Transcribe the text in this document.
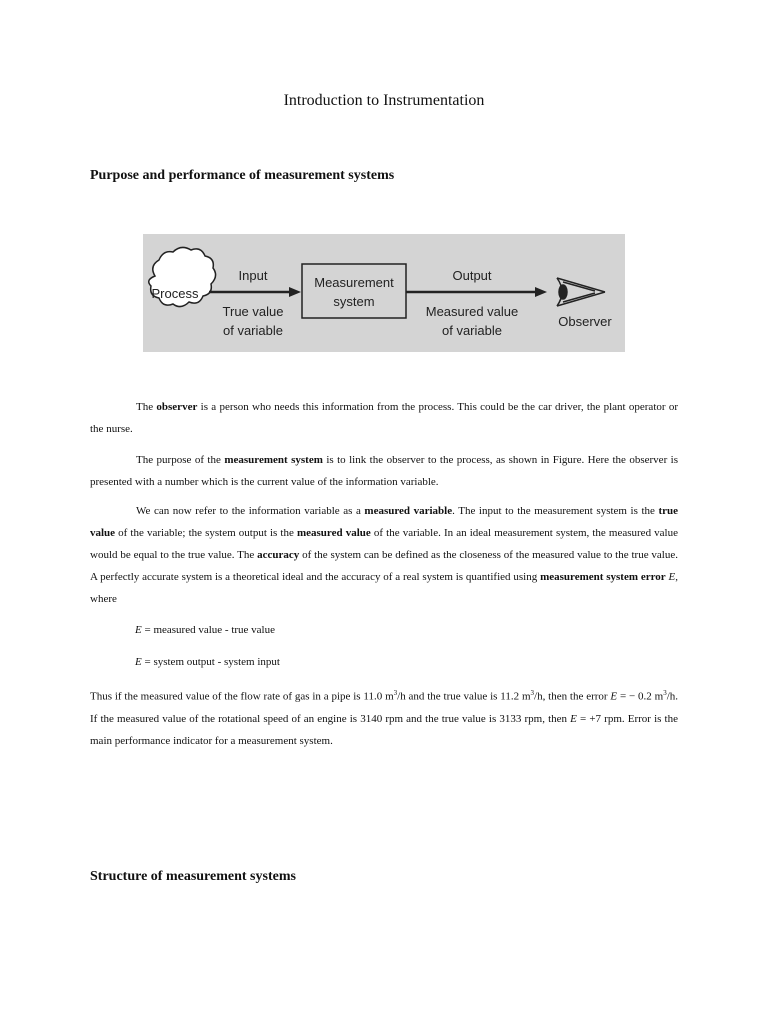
Introduction to Instrumentation
Purpose and performance of measurement systems
Process
Input
True value
of variable
Measurement
system
Output
Measured value
of variable
Observer
The observer is a person who needs this information from the process. This could be the car driver, the plant operator or the nurse.
The purpose of the measurement system is to link the observer to the process, as shown in Figure. Here the observer is presented with a number which is the current value of the information variable.
We can now refer to the information variable as a measured variable. The input to the measurement system is the true value of the variable; the system output is the measured value of the variable. In an ideal measurement system, the measured value would be equal to the true value. The accuracy of the system can be defined as the closeness of the measured value to the true value. A perfectly accurate system is a theoretical ideal and the accuracy of a real system is quantified using measurement system error E, where
E = measured value - true value
E = system output - system input
Thus if the measured value of the flow rate of gas in a pipe is 11.0 $m^3/h$ and the true value is 11.2 $m^3/h$, then the error E = − 0.2 $m^3/h$. If the measured value of the rotational speed of an engine is 3140 rpm and the true value is 3133 rpm, then E = +7 rpm. Error is the main performance indicator for a measurement system.
Structure of measurement systems
